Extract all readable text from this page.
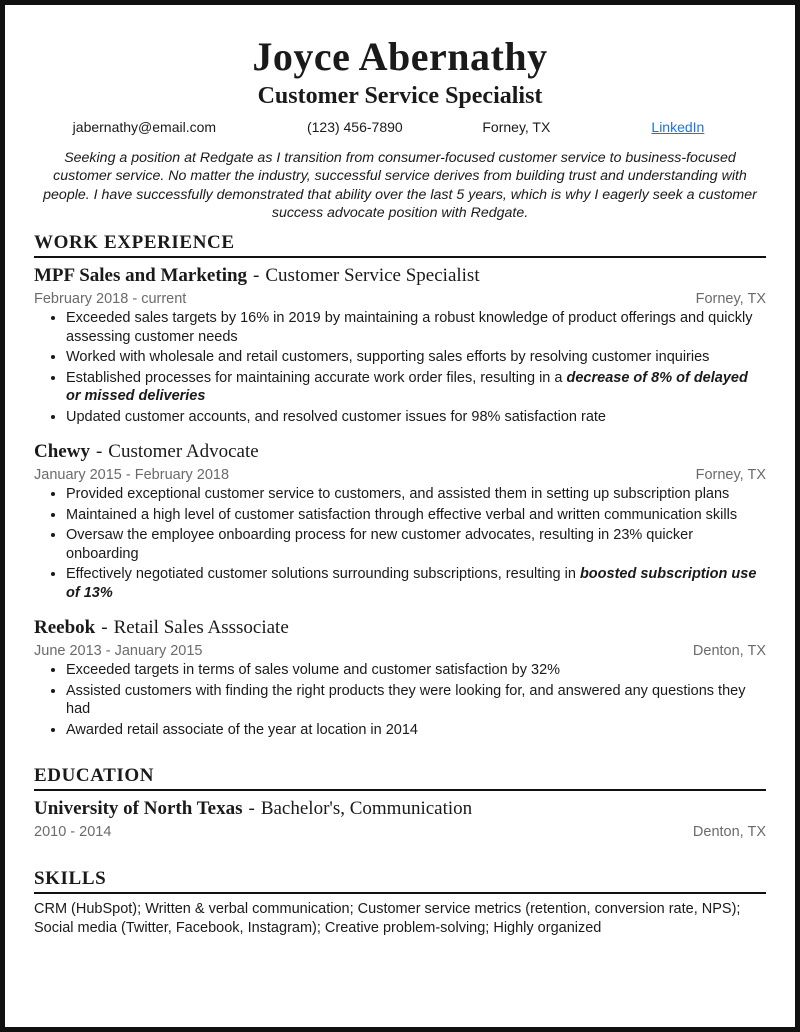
Joyce Abernathy
Customer Service Specialist
jabernathy@email.com	(123) 456-7890	Forney, TX	LinkedIn

Seeking a position at Redgate as I transition from consumer-focused customer service to business-focused customer service. No matter the industry, successful service derives from building trust and understanding with people. I have successfully demonstrated that ability over the last 5 years, which is why I eagerly seek a customer success advocate position with Redgate.

WORK EXPERIENCE
MPF Sales and Marketing - Customer Service Specialist
February 2018 - current	Forney, TX
• Exceeded sales targets by 16% in 2019 by maintaining a robust knowledge of product offerings and quickly assessing customer needs
• Worked with wholesale and retail customers, supporting sales efforts by resolving customer inquiries
• Established processes for maintaining accurate work order files, resulting in a decrease of 8% of delayed or missed deliveries
• Updated customer accounts, and resolved customer issues for 98% satisfaction rate
Chewy - Customer Advocate
January 2015 - February 2018	Forney, TX
• Provided exceptional customer service to customers, and assisted them in setting up subscription plans
• Maintained a high level of customer satisfaction through effective verbal and written communication skills
• Oversaw the employee onboarding process for new customer advocates, resulting in 23% quicker onboarding
• Effectively negotiated customer solutions surrounding subscriptions, resulting in boosted subscription use of 13%
Reebok - Retail Sales Asssociate
June 2013 - January 2015	Denton, TX
• Exceeded targets in terms of sales volume and customer satisfaction by 32%
• Assisted customers with finding the right products they were looking for, and answered any questions they had
• Awarded retail associate of the year at location in 2014
EDUCATION
University of North Texas - Bachelor's, Communication
2010 - 2014	Denton, TX
SKILLS

CRM (HubSpot); Written & verbal communication; Customer service metrics (retention, conversion rate, NPS); Social media (Twitter, Facebook, Instagram); Creative problem-solving; Highly organized
